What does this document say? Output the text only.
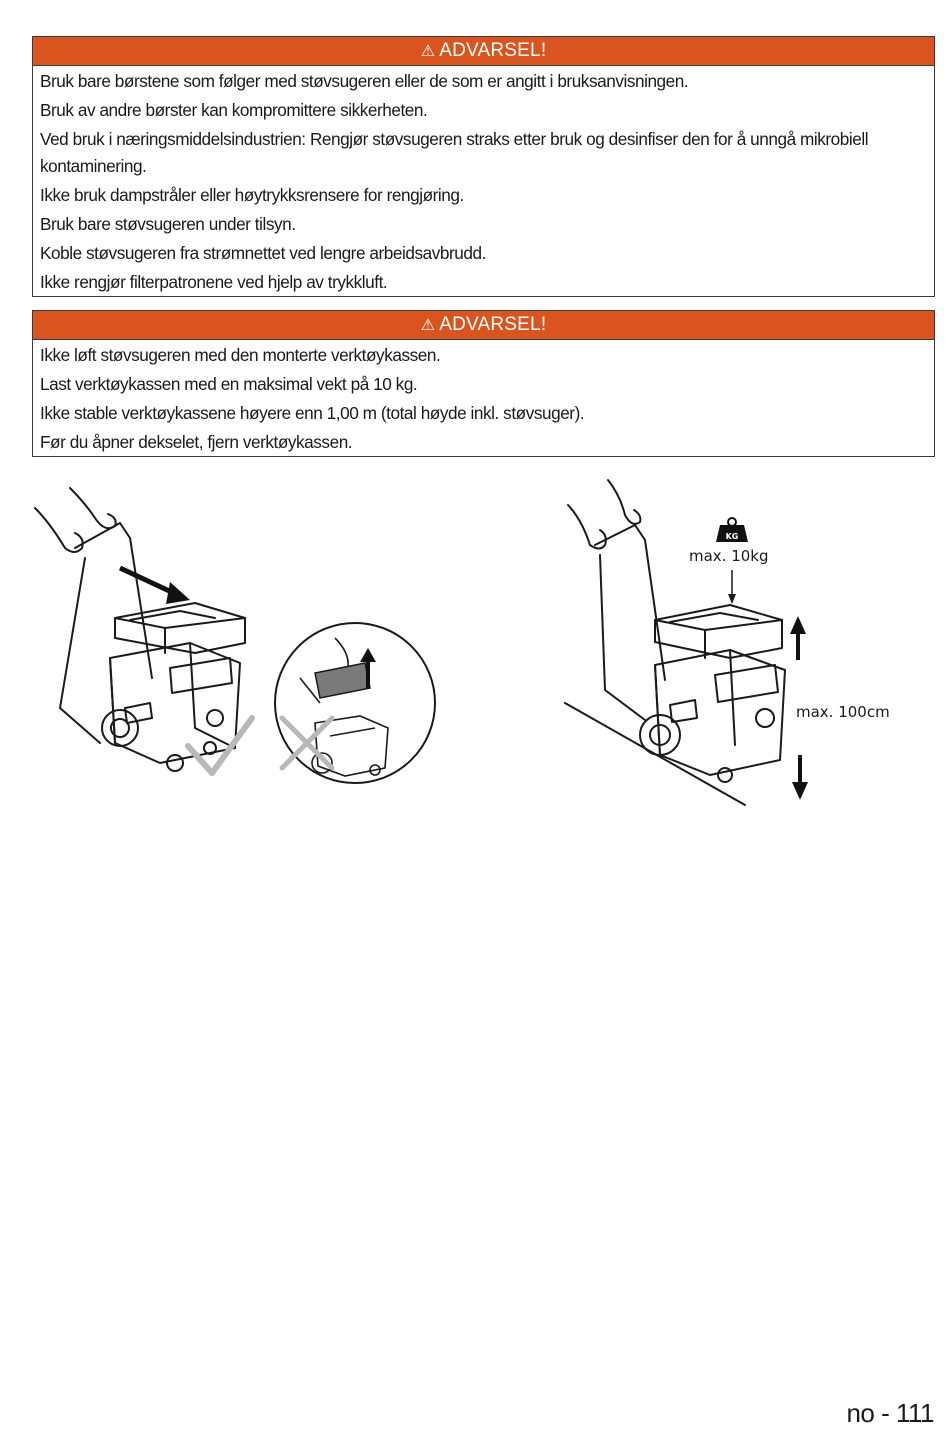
⚠ ADVARSEL!
Bruk bare børstene som følger med støvsugeren eller de som er angitt i bruksanvisningen.
Bruk av andre børster kan kompromittere sikkerheten.
Ved bruk i næringsmiddelsindustrien: Rengjør støvsugeren straks etter bruk og desinfiser den for å unngå mikrobiell kontaminering.
Ikke bruk dampstråler eller høytrykksrensere for rengjøring.
Bruk bare støvsugeren under tilsyn.
Koble støvsugeren fra strømnettet ved lengre arbeidsavbrudd.
Ikke rengjør filterpatronene ved hjelp av trykkluft.
⚠ ADVARSEL!
Ikke løft støvsugeren med den monterte verktøykassen.
Last verktøykassen med en maksimal vekt på 10 kg.
Ikke stable verktøykassene høyere enn 1,00 m (total høyde inkl. støvsuger).
Før du åpner dekselet, fjern verktøykassen.
KG
max. 10kg
max. 100cm
no - 111
